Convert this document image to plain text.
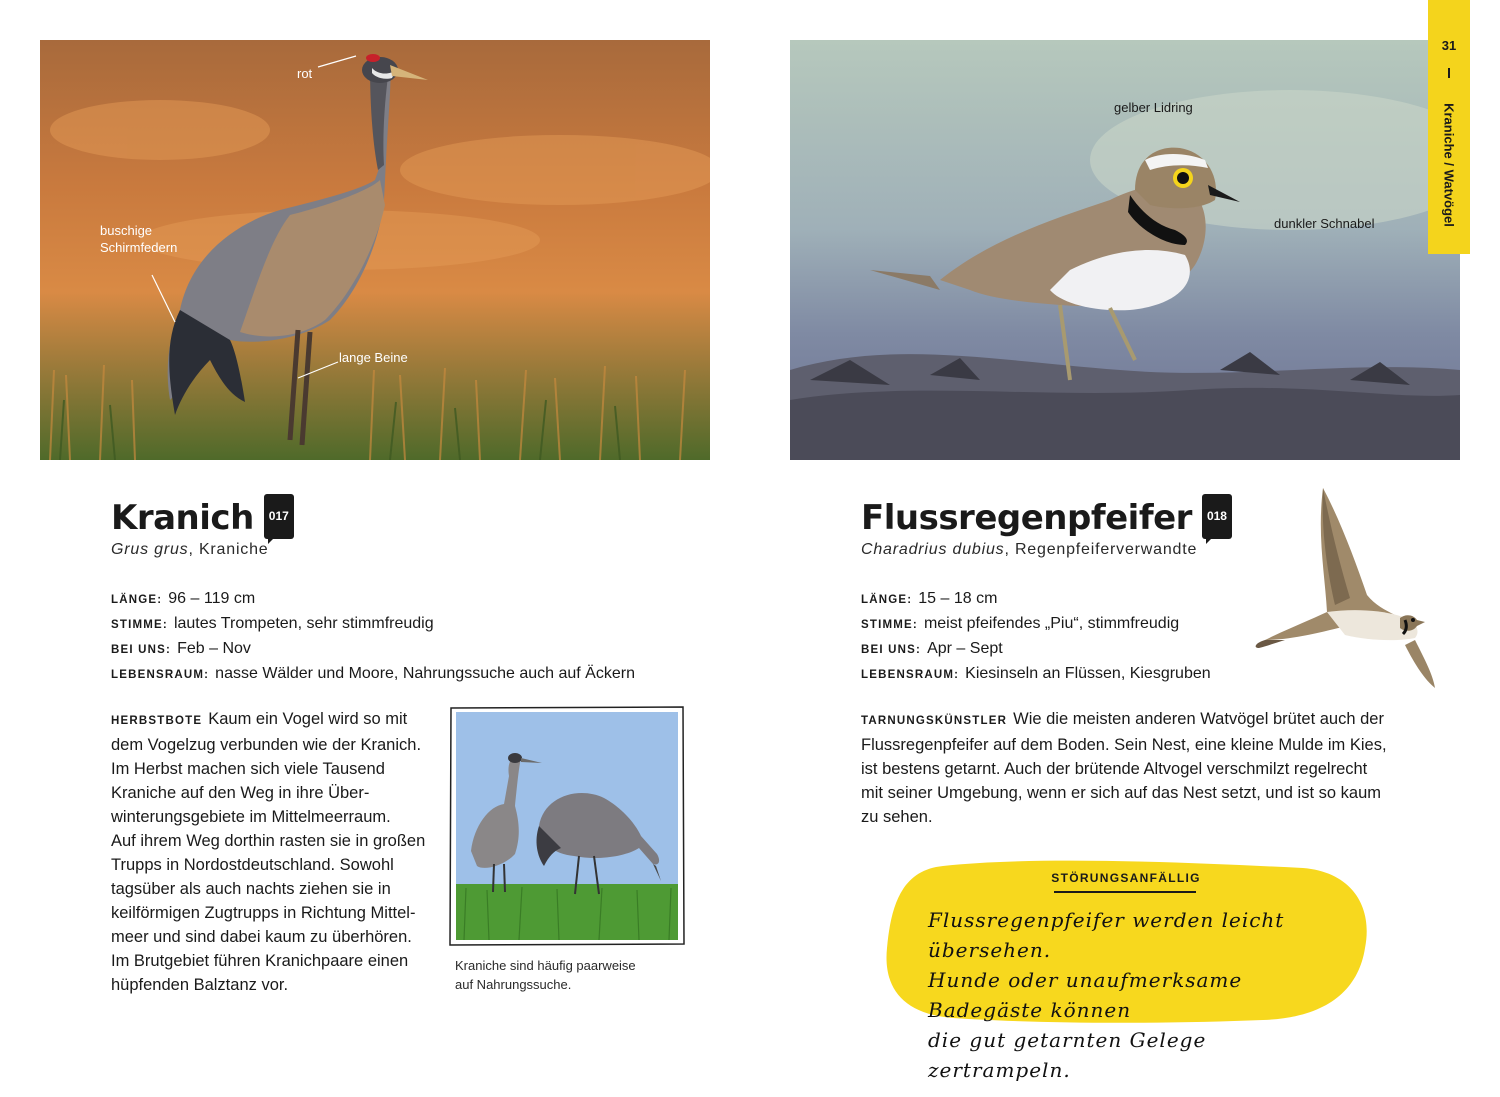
rot
buschige
Schirmfedern
lange Beine
gelber Lidring
dunkler Schnabel
31
Kraniche / Watvögel
Kranich 017
Grus grus, Kraniche
LÄNGE: 96 – 119 cm
STIMME: lautes Trompeten, sehr stimmfreudig
BEI UNS: Feb – Nov
LEBENSRAUM: nasse Wälder und Moore, Nahrungssuche auch auf Äckern
HERBSTBOTE Kaum ein Vogel wird so mit
dem Vogelzug verbunden wie der Kranich.
Im Herbst machen sich viele Tausend
Kraniche auf den Weg in ihre Über-
winterungsgebiete im Mittelmeerraum.
Auf ihrem Weg dorthin rasten sie in großen
Trupps in Nordostdeutschland. Sowohl
tagsüber als auch nachts ziehen sie in
keilförmigen Zugtrupps in Richtung Mittel-
meer und sind dabei kaum zu überhören.
Im Brutgebiet führen Kranichpaare einen
hüpfenden Balztanz vor.
Kraniche sind häufig paarweise
auf Nahrungssuche.
Flussregenpfeifer 018
Charadrius dubius, Regenpfeiferverwandte
LÄNGE: 15 – 18 cm
STIMME: meist pfeifendes „Piu“, stimmfreudig
BEI UNS: Apr – Sept
LEBENSRAUM: Kiesinseln an Flüssen, Kiesgruben
TARNUNGSKÜNSTLER Wie die meisten anderen Watvögel brütet auch der
Flussregenpfeifer auf dem Boden. Sein Nest, eine kleine Mulde im Kies,
ist bestens getarnt. Auch der brütende Altvogel verschmilzt regelrecht
mit seiner Umgebung, wenn er sich auf das Nest setzt, und ist so kaum
zu sehen.
STÖRUNGSANFÄLLIG
Flussregenpfeifer werden leicht übersehen.
Hunde oder unaufmerksame Badegäste können
die gut getarnten Gelege zertrampeln.
